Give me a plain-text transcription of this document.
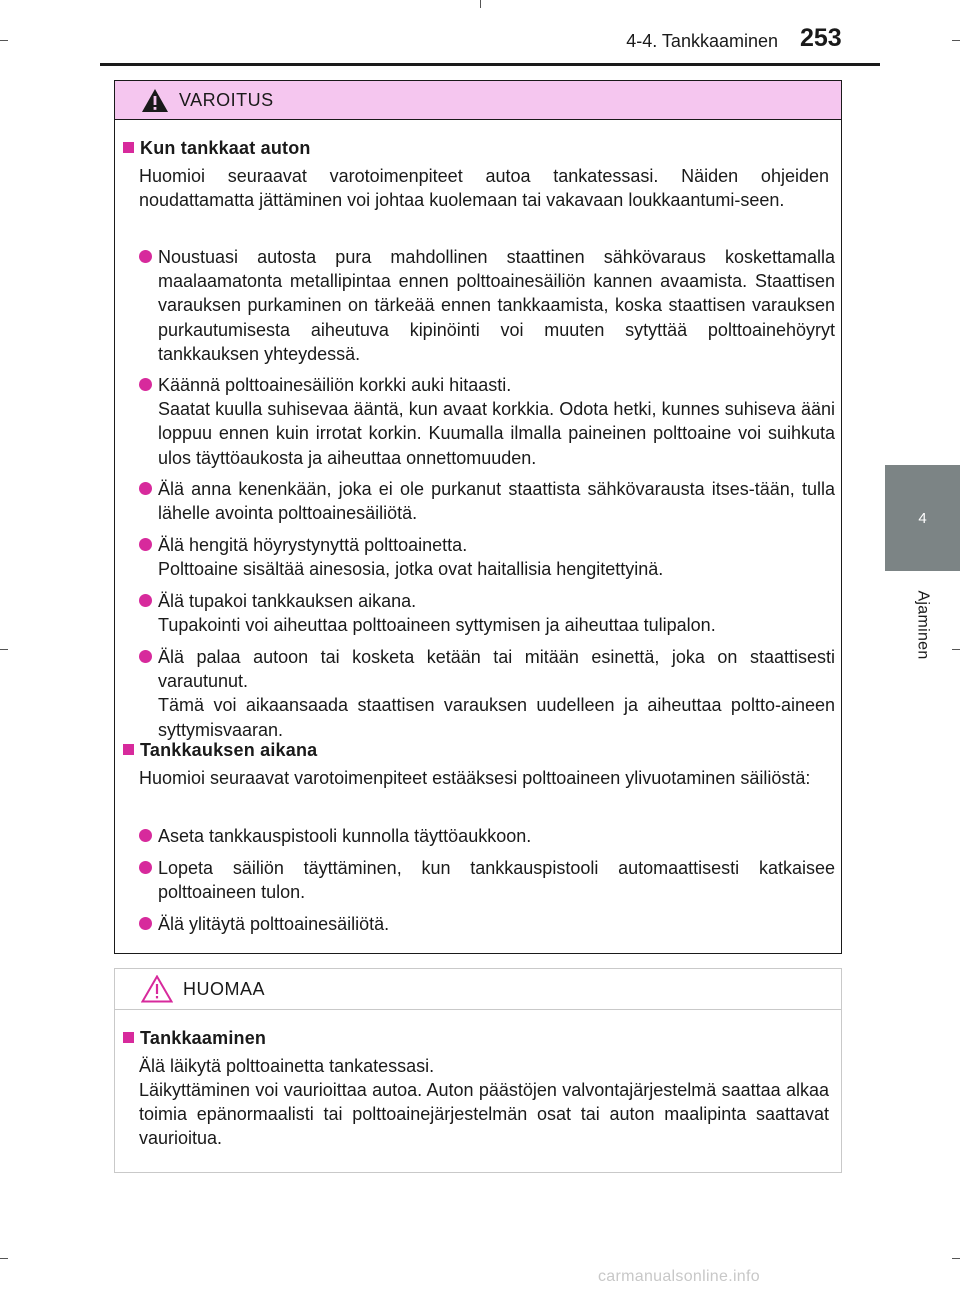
4-4. Tankkaaminen 253
4
Ajaminen
VAROITUS
Kun tankkaat auton
Huomioi seuraavat varotoimenpiteet autoa tankatessasi. Näiden ohjeiden noudattamatta jättäminen voi johtaa kuolemaan tai vakavaan loukkaantumi-seen.
Noustuasi autosta pura mahdollinen staattinen sähkövaraus koskettamalla maalaamatonta metallipintaa ennen polttoainesäiliön kannen avaamista. Staattisen varauksen purkaminen on tärkeää ennen tankkaamista, koska staattisen varauksen purkautumisesta aiheutuva kipinöinti voi muuten sytyttää polttoainehöyryt tankkauksen yhteydessä.

Käännä polttoainesäiliön korkki auki hitaasti.

Saatat kuulla suhisevaa ääntä, kun avaat korkkia. Odota hetki, kunnes suhiseva ääni loppuu ennen kuin irrotat korkin. Kuumalla ilmalla paineinen polttoaine voi suihkuta ulos täyttöaukosta ja aiheuttaa onnettomuuden.

Älä anna kenenkään, joka ei ole purkanut staattista sähkövarausta itses-tään, tulla lähelle avointa polttoainesäiliötä.

Älä hengitä höyrystynyttä polttoainetta.

Polttoaine sisältää ainesosia, jotka ovat haitallisia hengitettyinä.

Älä tupakoi tankkauksen aikana.

Tupakointi voi aiheuttaa polttoaineen syttymisen ja aiheuttaa tulipalon.

Älä palaa autoon tai kosketa ketään tai mitään esinettä, joka on staattisesti varautunut.

Tämä voi aikaansaada staattisen varauksen uudelleen ja aiheuttaa poltto-aineen syttymisvaaran.

Tankkauksen aikana
Huomioi seuraavat varotoimenpiteet estääksesi polttoaineen ylivuotaminen säiliöstä:
Aseta tankkauspistooli kunnolla täyttöaukkoon.
Lopeta säiliön täyttäminen, kun tankkauspistooli automaattisesti katkaisee polttoaineen tulon.
Älä ylitäytä polttoainesäiliötä.
HUOMAA
Tankkaaminen
Älä läikytä polttoainetta tankatessasi.
Läikyttäminen voi vaurioittaa autoa. Auton päästöjen valvontajärjestelmä saattaa alkaa toimia epänormaalisti tai polttoainejärjestelmän osat tai auton maalipinta saattavat vaurioitua.
carmanualsonline.info
